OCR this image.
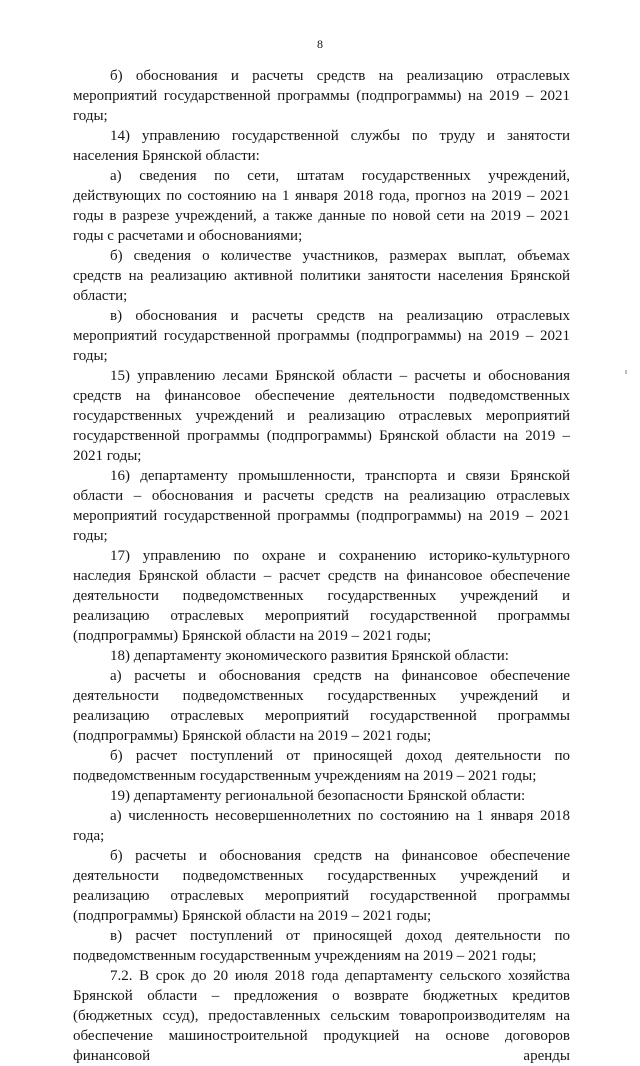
8

б) обоснования и расчеты средств на реализацию отраслевых мероприятий государственной программы (подпрограммы) на 2019 – 2021 годы;

14) управлению государственной службы по труду и занятости населения Брянской области:

а) сведения по сети, штатам государственных учреждений, действующих по состоянию на 1 января 2018 года, прогноз на 2019 – 2021 годы в разрезе учреждений, а также данные по новой сети на 2019 – 2021 годы с расчетами и обоснованиями;

б) сведения о количестве участников, размерах выплат, объемах средств на реализацию активной политики занятости населения Брянской области;

в) обоснования и расчеты средств на реализацию отраслевых мероприятий государственной программы (подпрограммы) на 2019 – 2021 годы;

15) управлению лесами Брянской области – расчеты и обоснования средств на финансовое обеспечение деятельности подведомственных государственных учреждений и реализацию отраслевых мероприятий государственной программы (подпрограммы) Брянской области на 2019 – 2021 годы;

16) департаменту промышленности, транспорта и связи Брянской области – обоснования и расчеты средств на реализацию отраслевых мероприятий государственной программы (подпрограммы) на 2019 – 2021 годы;

17) управлению по охране и сохранению историко-культурного наследия Брянской области – расчет средств на финансовое обеспечение деятельности подведомственных государственных учреждений и реализацию отраслевых мероприятий государственной программы (подпрограммы) Брянской области на 2019 – 2021 годы;

18) департаменту экономического развития Брянской области:

а) расчеты и обоснования средств на финансовое обеспечение деятельности подведомственных государственных учреждений и реализацию отраслевых мероприятий государственной программы (подпрограммы) Брянской области на 2019 – 2021 годы;

б) расчет поступлений от приносящей доход деятельности по подведомственным государственным учреждениям на 2019 – 2021 годы;

19) департаменту региональной безопасности Брянской области:

а) численность несовершеннолетних по состоянию на 1 января 2018 года;

б) расчеты и обоснования средств на финансовое обеспечение деятельности подведомственных государственных учреждений и реализацию отраслевых мероприятий государственной программы (подпрограммы) Брянской области на 2019 – 2021 годы;

в) расчет поступлений от приносящей доход деятельности по подведомственным государственным учреждениям на 2019 – 2021 годы;

7.2. В срок до 20 июля 2018 года департаменту сельского хозяйства Брянской области – предложения о возврате бюджетных кредитов (бюджетных ссуд), предоставленных сельским товаропроизводителям на обеспечение машиностроительной продукцией на основе договоров финансовой аренды
